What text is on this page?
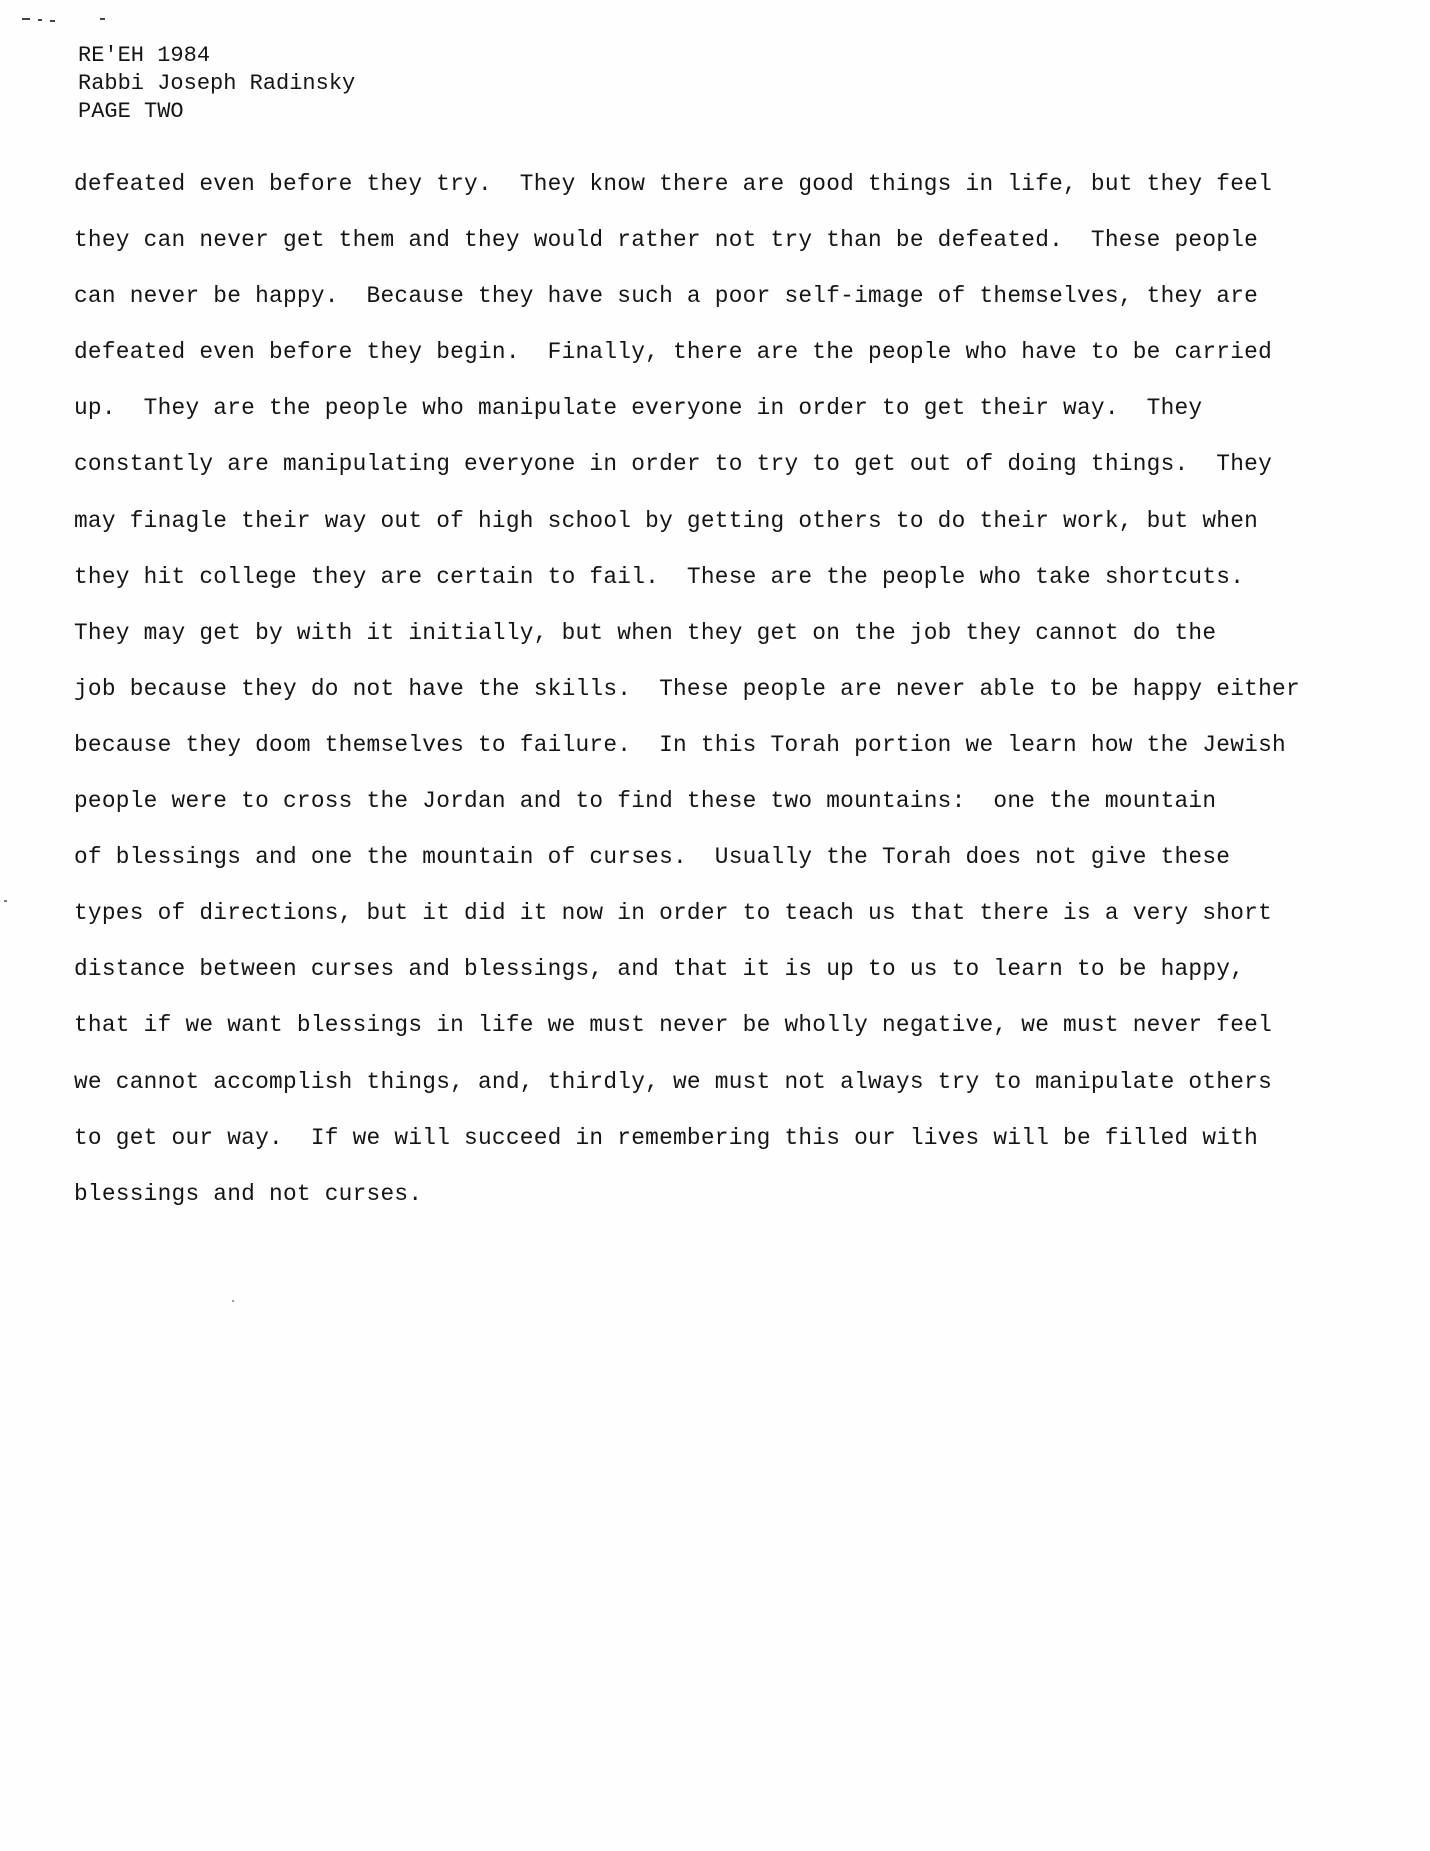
RE'EH 1984
Rabbi Joseph Radinsky
PAGE TWO
defeated even before they try.  They know there are good things in life, but they feel
they can never get them and they would rather not try than be defeated.  These people
can never be happy.  Because they have such a poor self-image of themselves, they are
defeated even before they begin.  Finally, there are the people who have to be carried
up.  They are the people who manipulate everyone in order to get their way.  They
constantly are manipulating everyone in order to try to get out of doing things.  They
may finagle their way out of high school by getting others to do their work, but when
they hit college they are certain to fail.  These are the people who take shortcuts.
They may get by with it initially, but when they get on the job they cannot do the
job because they do not have the skills.  These people are never able to be happy either
because they doom themselves to failure.  In this Torah portion we learn how the Jewish
people were to cross the Jordan and to find these two mountains:  one the mountain
of blessings and one the mountain of curses.  Usually the Torah does not give these
types of directions, but it did it now in order to teach us that there is a very short
distance between curses and blessings, and that it is up to us to learn to be happy,
that if we want blessings in life we must never be wholly negative, we must never feel
we cannot accomplish things, and, thirdly, we must not always try to manipulate others
to get our way.  If we will succeed in remembering this our lives will be filled with
blessings and not curses.
